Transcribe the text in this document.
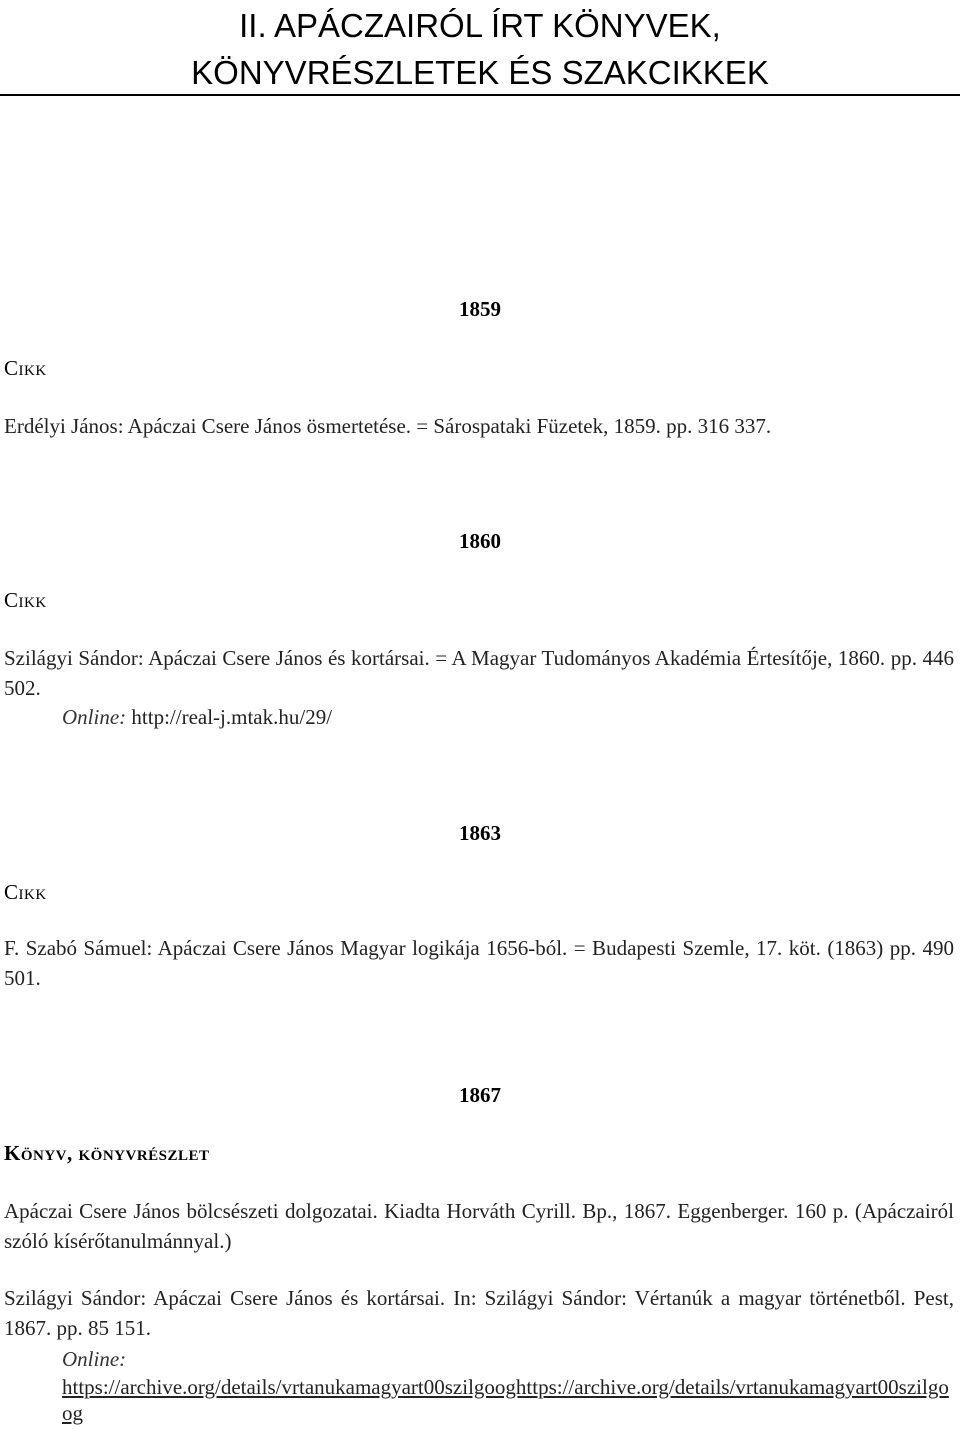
II. APÁCZAIRÓL ÍRT KÖNYVEK,
KÖNYVRÉSZLETEK ÉS SZAKCIKKEK
1859
Cikk
Erdélyi János: Apáczai Csere János ösmertetése. = Sárospataki Füzetek, 1859. pp. 316 337.
1860
Cikk
Szilágyi Sándor: Apáczai Csere János és kortársai. = A Magyar Tudományos Akadémia Értesítője, 1860. pp. 446 502.
Online: http://real-j.mtak.hu/29/
1863
Cikk
F. Szabó Sámuel: Apáczai Csere János Magyar logikája 1656-ból. = Budapesti Szemle, 17. köt. (1863) pp. 490 501.
1867
Könyv, könyvrészlet
Apáczai Csere János bölcsészeti dolgozatai. Kiadta Horváth Cyrill. Bp., 1867. Eggenberger. 160 p. (Apáczairól szóló kísérőtanulmánnyal.)
Szilágyi Sándor: Apáczai Csere János és kortársai. In: Szilágyi Sándor: Vértanúk a magyar történetből. Pest, 1867. pp. 85 151.
Online:
https://archive.org/details/vrtanukamagyart00szilgooghttps://archive.org/details/vrtanukamagyart00szilgoog
